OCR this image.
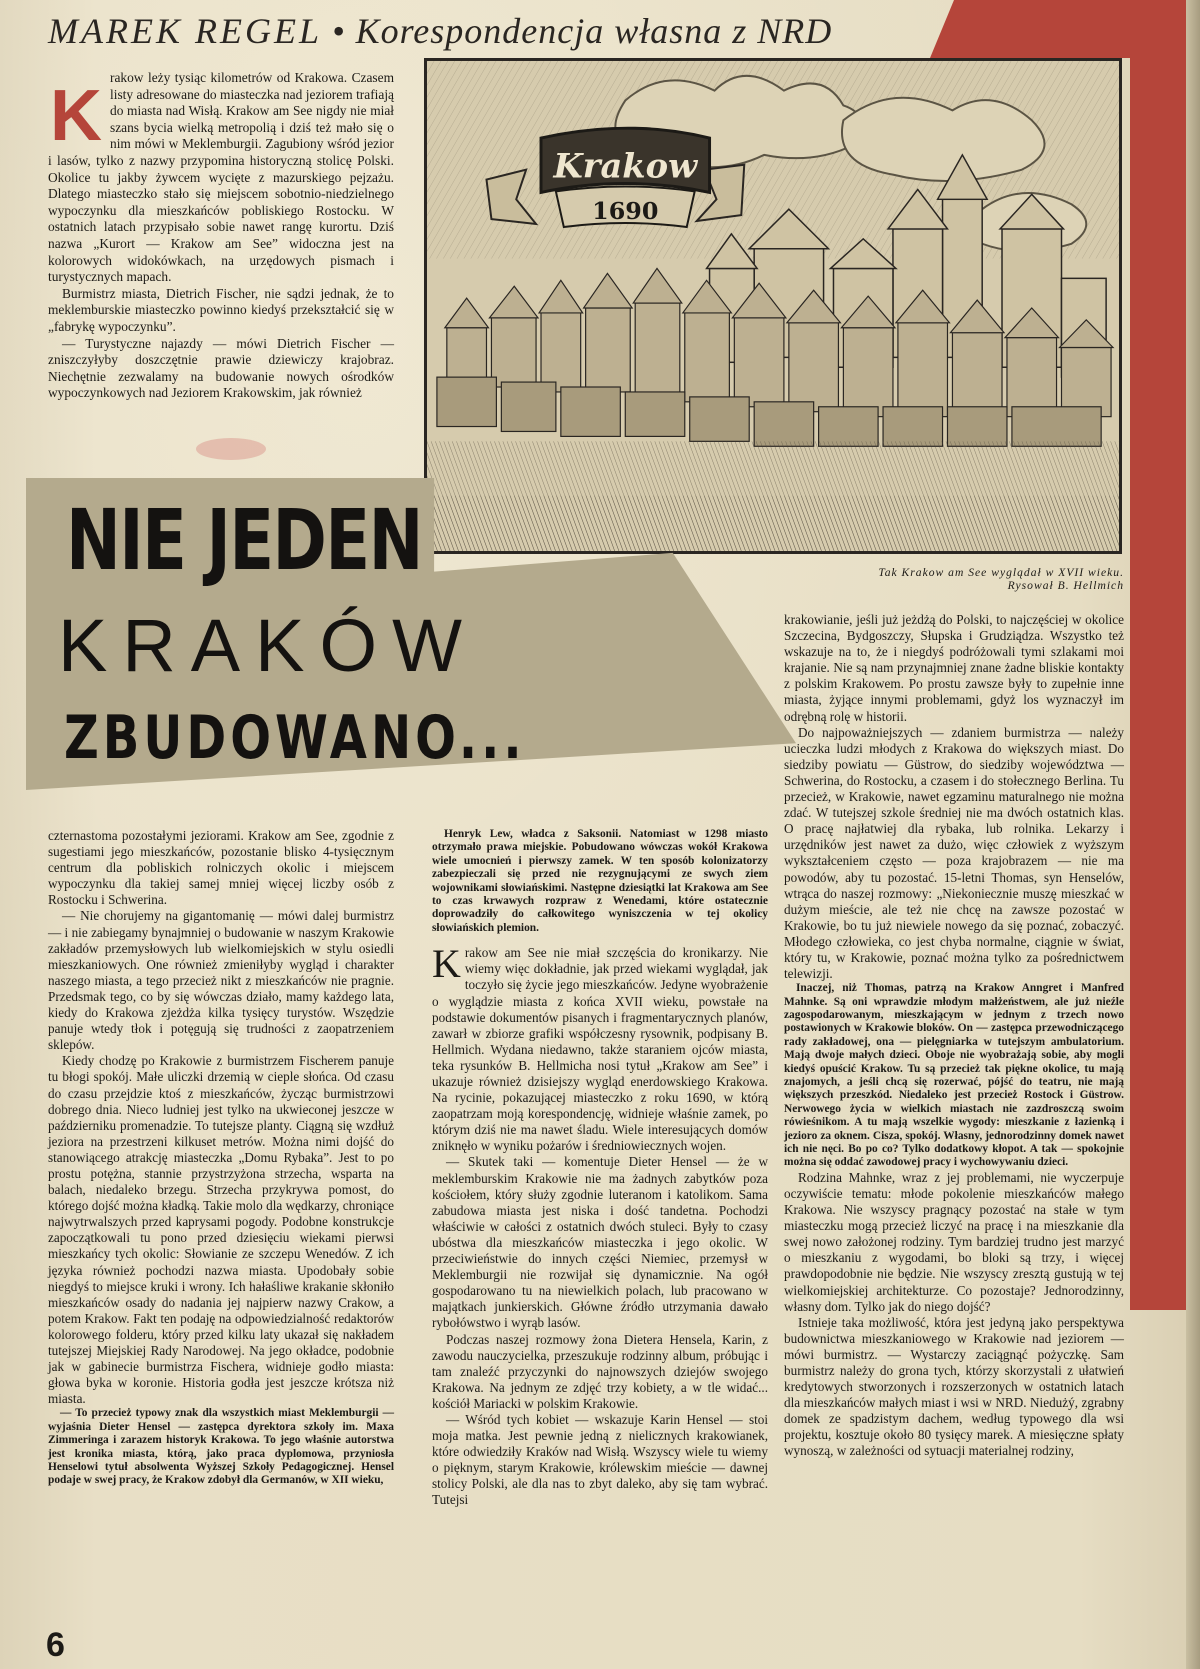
MAREK REGEL • Korespondencja własna z NRD
K rakow leży tysiąc kilometrów od Krakowa. Czasem listy adresowane do miasteczka nad jeziorem trafiają do miasta nad Wisłą. Krakow am See nigdy nie miał szans bycia wielką metropolią i dziś też mało się o nim mówi w Meklemburgii. Zagubiony wśród jezior i lasów, tylko z nazwy przypomina historyczną stolicę Polski. Okolice tu jakby żywcem wycięte z mazurskiego pejzażu. Dlatego miasteczko stało się miejscem sobotnio-niedzielnego wypoczynku dla mieszkańców pobliskiego Rostocku. W ostatnich latach przypisało sobie nawet rangę kurortu. Dziś nazwa „Kurort — Krakow am See” widoczna jest na kolorowych widokówkach, na urzędowych pismach i turystycznych mapach.

Burmistrz miasta, Dietrich Fischer, nie sądzi jednak, że to meklemburskie miasteczko powinno kiedyś przekształcić się w „fabrykę wypoczynku”.

— Turystyczne najazdy — mówi Dietrich Fischer — zniszczyłyby doszczętnie prawie dziewiczy krajobraz. Niechętnie zezwalamy na budowanie nowych ośrodków wypoczynkowych nad Jeziorem Krakowskim, jak również

Krakow
1690
Tak Krakow am See wyglądał w XVII wieku. Rysował B. Hellmich
NIE JEDEN
KRAKÓW
ZBUDOWANO...

czternastoma pozostałymi jeziorami. Krakow am See, zgodnie z sugestiami jego mieszkańców, pozostanie blisko 4-tysięcznym centrum dla pobliskich rolniczych okolic i miejscem wypoczynku dla takiej samej mniej więcej liczby osób z Rostocku i Schwerina.

— Nie chorujemy na gigantomanię — mówi dalej burmistrz — i nie zabiegamy bynajmniej o budowanie w naszym Krakowie zakładów przemysłowych lub wielkomiejskich w stylu osiedli mieszkaniowych. One również zmieniłyby wygląd i charakter naszego miasta, a tego przecież nikt z mieszkańców nie pragnie. Przedsmak tego, co by się wówczas działo, mamy każdego lata, kiedy do Krakowa zjeżdża kilka tysięcy turystów. Wszędzie panuje wtedy tłok i potęgują się trudności z zaopatrzeniem sklepów.

Kiedy chodzę po Krakowie z burmistrzem Fischerem panuje tu błogi spokój. Małe uliczki drzemią w cieple słońca. Od czasu do czasu przejdzie ktoś z mieszkańców, życząc burmistrzowi dobrego dnia. Nieco ludniej jest tylko na ukwieconej jeszcze w październiku promenadzie. To tutejsze planty. Ciągną się wzdłuż jeziora na przestrzeni kilkuset metrów. Można nimi dojść do stanowiącego atrakcję miasteczka „Domu Rybaka”. Jest to po prostu potężna, stannie przystrzyżona strzecha, wsparta na balach, niedaleko brzegu. Strzecha przykrywa pomost, do którego dojść można kładką. Takie molo dla wędkarzy, chroniące najwytrwalszych przed kaprysami pogody. Podobne konstrukcje zapoczątkowali tu pono przed dziesięciu wiekami pierwsi mieszkańcy tych okolic: Słowianie ze szczepu Wenedów. Z ich języka również pochodzi nazwa miasta. Upodobały sobie niegdyś to miejsce kruki i wrony. Ich hałaśliwe krakanie skłoniło mieszkańców osady do nadania jej najpierw nazwy Crakow, a potem Krakow. Fakt ten podaję na odpowiedzialność redaktorów kolorowego folderu, który przed kilku laty ukazał się nakładem tutejszej Miejskiej Rady Narodowej. Na jego okładce, podobnie jak w gabinecie burmistrza Fischera, widnieje godło miasta: głowa byka w koronie. Historia godła jest jeszcze krótsza niż miasta.

— To przecież typowy znak dla wszystkich miast Meklemburgii — wyjaśnia Dieter Hensel — zastępca dyrektora szkoły im. Maxa Zimmeringa i zarazem historyk Krakowa. To jego właśnie autorstwa jest kronika miasta, którą, jako praca dyplomowa, przyniosła Henselowi tytuł absolwenta Wyższej Szkoły Pedagogicznej. Hensel podaje w swej pracy, że Krakow zdobył dla Germanów, w XII wieku,

Henryk Lew, władca z Saksonii. Natomiast w 1298 miasto otrzymało prawa miejskie. Pobudowano wówczas wokół Krakowa wiele umocnień i pierwszy zamek. W ten sposób kolonizatorzy zabezpieczali się przed nie rezygnującymi ze swych ziem wojownikami słowiańskimi. Następne dziesiątki lat Krakowa am See to czas krwawych rozpraw z Wenedami, które ostatecznie doprowadziły do całkowitego wyniszczenia w tej okolicy słowiańskich plemion.

K rakow am See nie miał szczęścia do kronikarzy. Nie wiemy więc dokładnie, jak przed wiekami wyglądał, jak toczyło się życie jego mieszkańców. Jedyne wyobrażenie o wyglądzie miasta z końca XVII wieku, powstałe na podstawie dokumentów pisanych i fragmentarycznych planów, zawarł w zbiorze grafiki współczesny rysownik, podpisany B. Hellmich. Wydana niedawno, także staraniem ojców miasta, teka rysunków B. Hellmicha nosi tytuł „Krakow am See” i ukazuje również dzisiejszy wygląd enerdowskiego Krakowa. Na rycinie, pokazującej miasteczko z roku 1690, w którą zaopatrzam moją korespondencję, widnieje właśnie zamek, po którym dziś nie ma nawet śladu. Wiele interesujących domów zniknęło w wyniku pożarów i średniowiecznych wojen.

— Skutek taki — komentuje Dieter Hensel — że w meklemburskim Krakowie nie ma żadnych zabytków poza kościołem, który służy zgodnie luteranom i katolikom. Sama zabudowa miasta jest niska i dość tandetna. Pochodzi właściwie w całości z ostatnich dwóch stuleci. Były to czasy ubóstwa dla mieszkańców miasteczka i jego okolic. W przeciwieństwie do innych części Niemiec, przemysł w Meklemburgii nie rozwijał się dynamicznie. Na ogół gospodarowano tu na niewielkich polach, lub pracowano w majątkach junkierskich. Główne źródło utrzymania dawało rybołówstwo i wyrąb lasów.

Podczas naszej rozmowy żona Dietera Hensela, Karin, z zawodu nauczycielka, przeszukuje rodzinny album, próbując i tam znaleźć przyczynki do najnowszych dziejów swojego Krakowa. Na jednym ze zdjęć trzy kobiety, a w tle widać... kościół Mariacki w polskim Krakowie.

— Wśród tych kobiet — wskazuje Karin Hensel — stoi moja matka. Jest pewnie jedną z nielicznych krakowianek, które odwiedziły Kraków nad Wisłą. Wszyscy wiele tu wiemy o pięknym, starym Krakowie, królewskim mieście — dawnej stolicy Polski, ale dla nas to zbyt daleko, aby się tam wybrać. Tutejsi

krakowianie, jeśli już jeżdżą do Polski, to najczęściej w okolice Szczecina, Bydgoszczy, Słupska i Grudziądza. Wszystko też wskazuje na to, że i niegdyś podróżowali tymi szlakami moi krajanie. Nie są nam przynajmniej znane żadne bliskie kontakty z polskim Krakowem. Po prostu zawsze były to zupełnie inne miasta, żyjące innymi problemami, gdyż los wyznaczył im odrębną rolę w historii.

Do najpoważniejszych — zdaniem burmistrza — należy ucieczka ludzi młodych z Krakowa do większych miast. Do siedziby powiatu — Güstrow, do siedziby województwa — Schwerina, do Rostocku, a czasem i do stołecznego Berlina. Tu przecież, w Krakowie, nawet egzaminu maturalnego nie można zdać. W tutejszej szkole średniej nie ma dwóch ostatnich klas. O pracę najłatwiej dla rybaka, lub rolnika. Lekarzy i urzędników jest nawet za dużo, więc człowiek z wyższym wykształceniem często — poza krajobrazem — nie ma powodów, aby tu pozostać. 15-letni Thomas, syn Henselów, wtrąca do naszej rozmowy: „Niekoniecznie muszę mieszkać w dużym mieście, ale też nie chcę na zawsze pozostać w Krakowie, bo tu już niewiele nowego da się poznać, zobaczyć. Młodego człowieka, co jest chyba normalne, ciągnie w świat, który tu, w Krakowie, poznać można tylko za pośrednictwem telewizji.

Inaczej, niż Thomas, patrzą na Krakow Anngret i Manfred Mahnke. Są oni wprawdzie młodym małżeństwem, ale już nieźle zagospodarowanym, mieszkającym w jednym z trzech nowo postawionych w Krakowie bloków. On — zastępca przewodniczącego rady zakładowej, ona — pielęgniarka w tutejszym ambulatorium. Mają dwoje małych dzieci. Oboje nie wyobrażają sobie, aby mogli kiedyś opuścić Krakow. Tu są przecież tak piękne okolice, tu mają znajomych, a jeśli chcą się rozerwać, pójść do teatru, nie mają większych przeszkód. Niedaleko jest przecież Rostock i Güstrow. Nerwowego życia w wielkich miastach nie zazdroszczą swoim rówieśnikom. A tu mają wszelkie wygody: mieszkanie z łazienką i jezioro za oknem. Cisza, spokój. Własny, jednorodzinny domek nawet ich nie nęci. Bo po co? Tylko dodatkowy kłopot. A tak — spokojnie można się oddać zawodowej pracy i wychowywaniu dzieci.

Rodzina Mahnke, wraz z jej problemami, nie wyczerpuje oczywiście tematu: młode pokolenie mieszkańców małego Krakowa. Nie wszyscy pragnący pozostać na stałe w tym miasteczku mogą przecież liczyć na pracę i na mieszkanie dla swej nowo założonej rodziny. Tym bardziej trudno jest marzyć o mieszkaniu z wygodami, bo bloki są trzy, i więcej prawdopodobnie nie będzie. Nie wszyscy zresztą gustują w tej wielkomiejskiej architekturze. Co pozostaje? Jednorodzinny, własny dom. Tylko jak do niego dojść?

Istnieje taka możliwość, która jest jedyną jako perspektywa budownictwa mieszkaniowego w Krakowie nad jeziorem — mówi burmistrz. — Wystarczy zaciągnąć pożyczkę. Sam burmistrz należy do grona tych, którzy skorzystali z ułatwień kredytowych stworzonych i rozszerzonych w ostatnich latach dla mieszkańców małych miast i wsi w NRD. Niedużý, zgrabny domek ze spadzistym dachem, według typowego dla wsi projektu, kosztuje około 80 tysięcy marek. A miesięczne spłaty wynoszą, w zależności od sytuacji materialnej rodziny,

6
